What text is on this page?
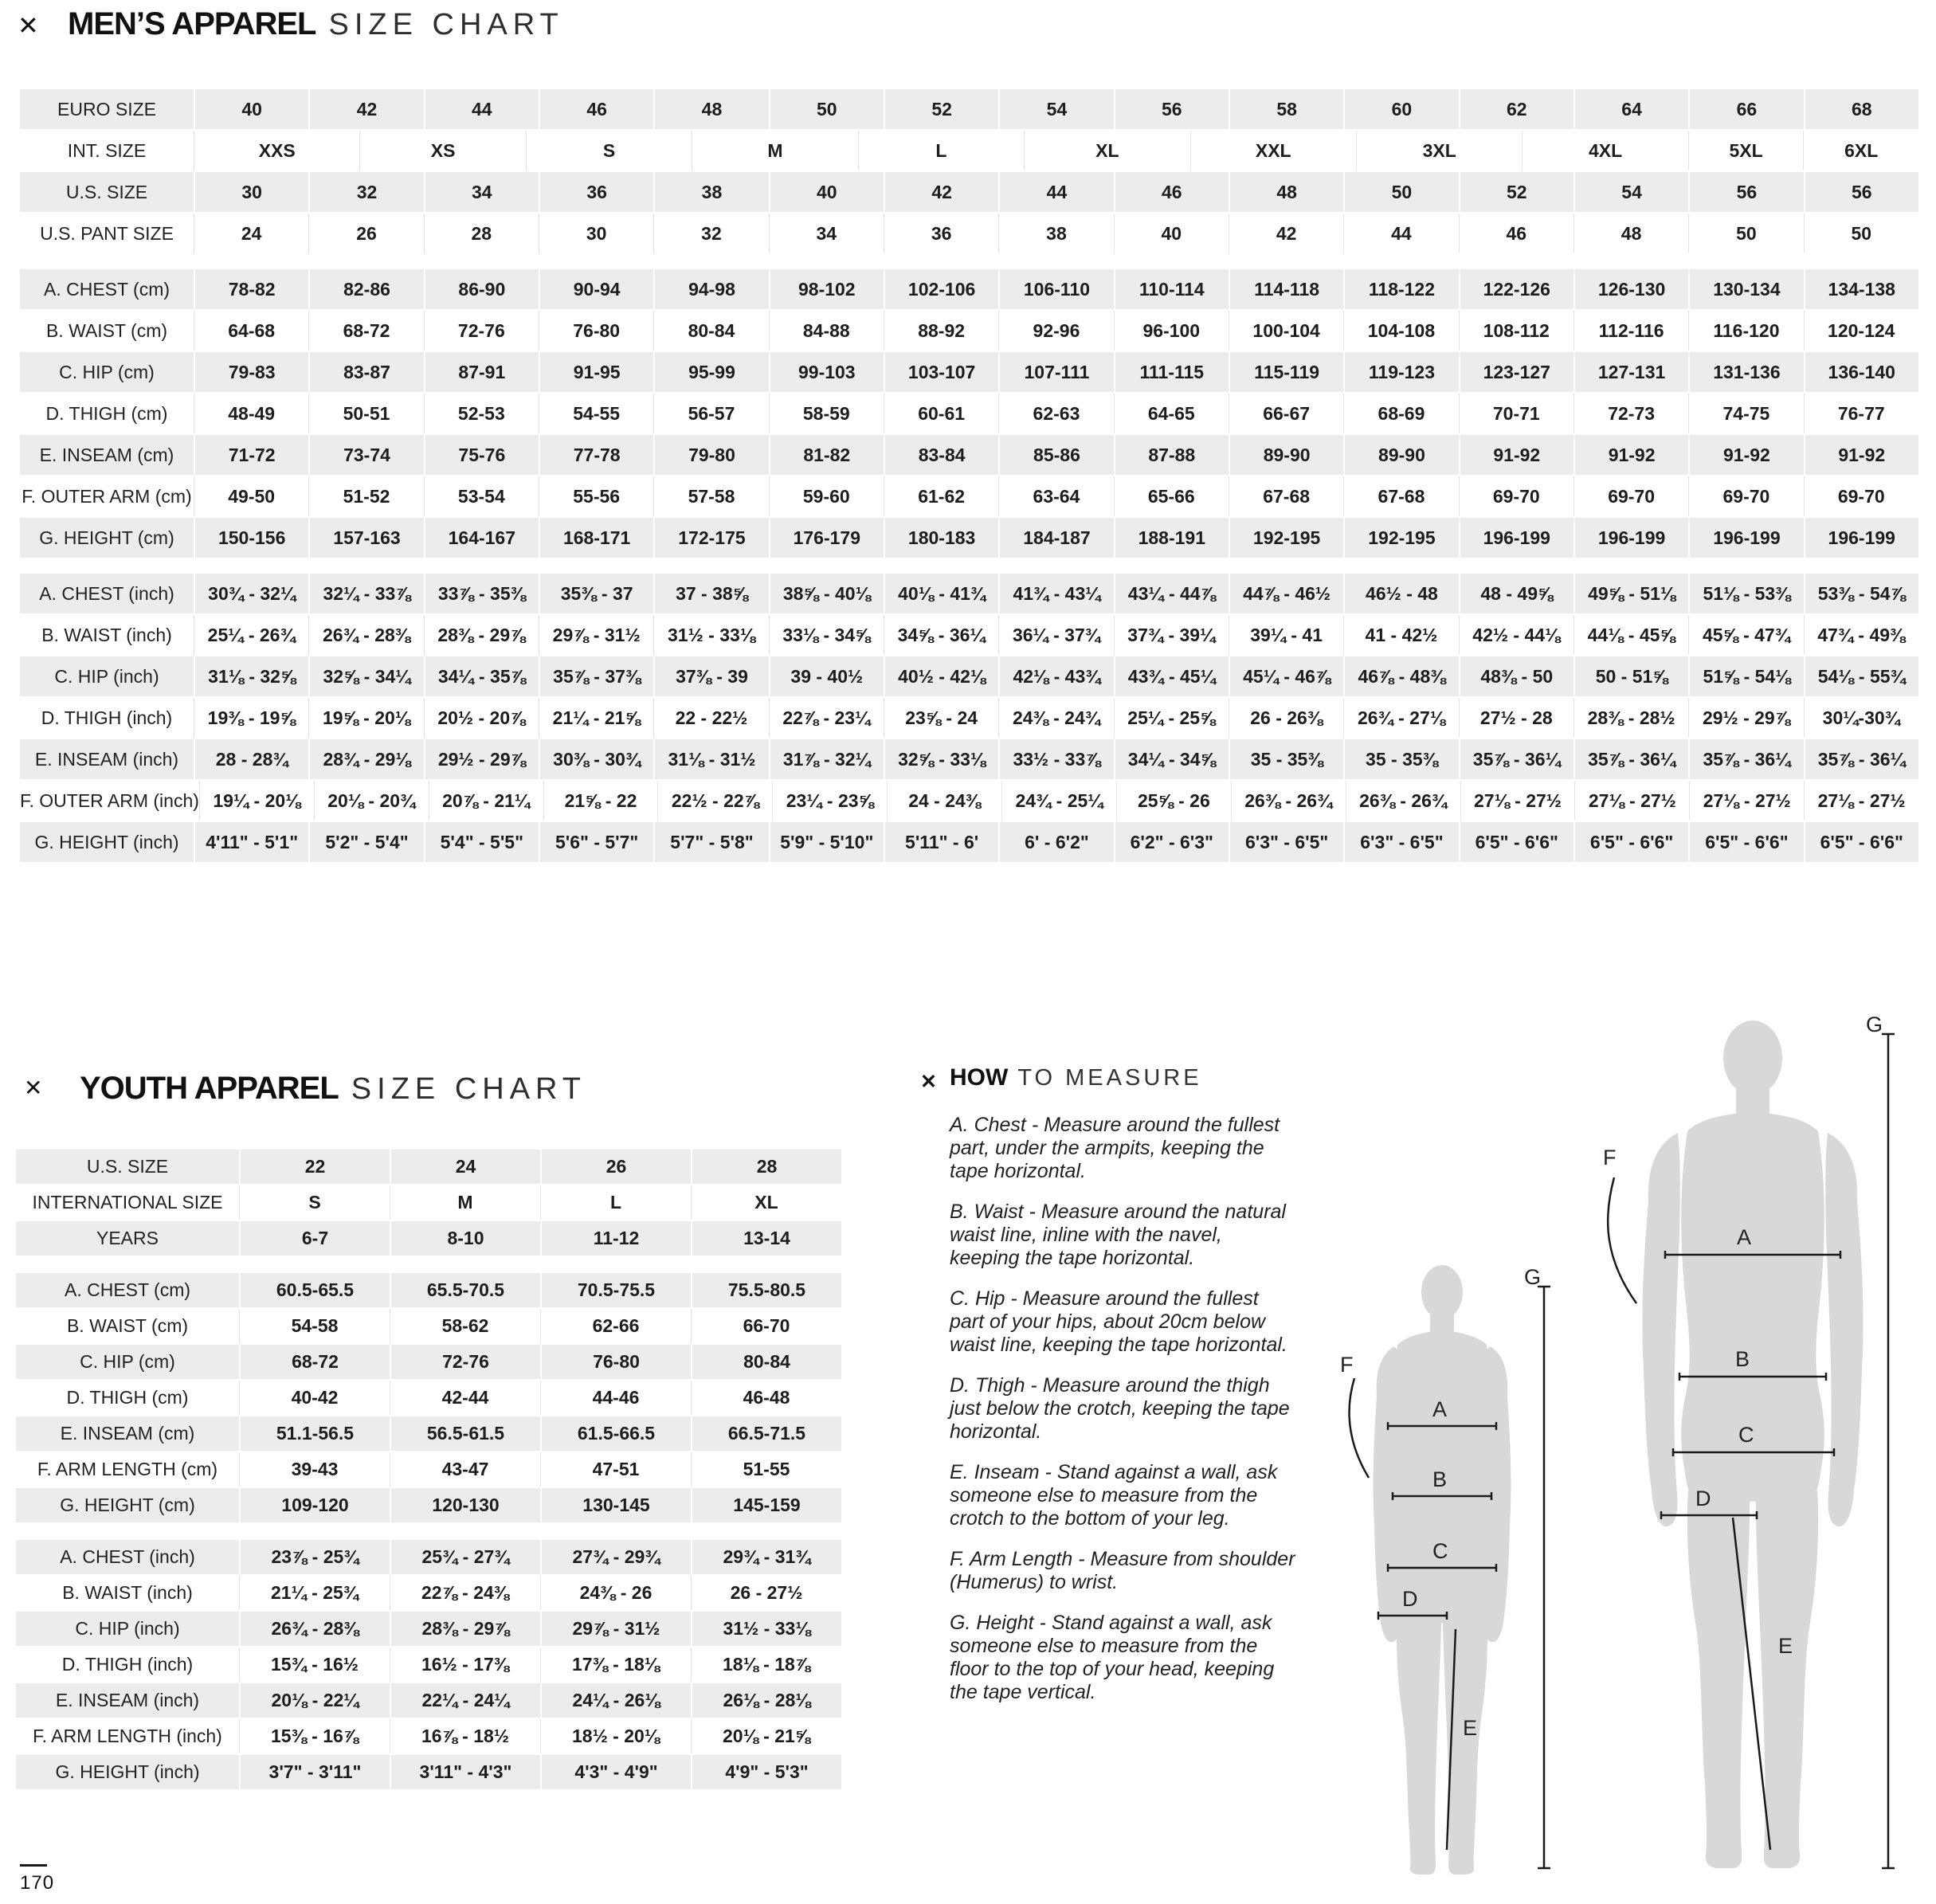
✕ MEN’S APPAREL SIZE CHART
EURO SIZE	40	42	44	46	48	50	52	54	56	58	60	62	64	66	68
INT. SIZE	XXS	XS	S	M	L	XL	XXL	3XL	4XL	5XL	6XL
U.S. SIZE	30	32	34	36	38	40	42	44	46	48	50	52	54	56	56
U.S. PANT SIZE	24	26	28	30	32	34	36	38	40	42	44	46	48	50	50
A. CHEST (cm)	78-82	82-86	86-90	90-94	94-98	98-102	102-106	106-110	110-114	114-118	118-122	122-126	126-130	130-134	134-138
B. WAIST (cm)	64-68	68-72	72-76	76-80	80-84	84-88	88-92	92-96	96-100	100-104	104-108	108-112	112-116	116-120	120-124
C. HIP (cm)	79-83	83-87	87-91	91-95	95-99	99-103	103-107	107-111	111-115	115-119	119-123	123-127	127-131	131-136	136-140
D. THIGH (cm)	48-49	50-51	52-53	54-55	56-57	58-59	60-61	62-63	64-65	66-67	68-69	70-71	72-73	74-75	76-77
E. INSEAM (cm)	71-72	73-74	75-76	77-78	79-80	81-82	83-84	85-86	87-88	89-90	89-90	91-92	91-92	91-92	91-92
F. OUTER ARM (cm)	49-50	51-52	53-54	55-56	57-58	59-60	61-62	63-64	65-66	67-68	67-68	69-70	69-70	69-70	69-70
G. HEIGHT (cm)	150-156	157-163	164-167	168-171	172-175	176-179	180-183	184-187	188-191	192-195	192-195	196-199	196-199	196-199	196-199
A. CHEST (inch)	30¾ - 32¼	32¼ - 33⅞	33⅞ - 35⅜	35⅜ - 37	37 - 38⅝	38⅝ - 40⅛	40⅛ - 41¾	41¾ - 43¼	43¼ - 44⅞	44⅞ - 46½	46½ - 48	48 - 49⅝	49⅝ - 51⅛	51⅛ - 53⅜	53⅜ - 54⅞
B. WAIST (inch)	25¼ - 26¾	26¾ - 28⅜	28⅜ - 29⅞	29⅞ - 31½	31½ - 33⅛	33⅛ - 34⅝	34⅝ - 36¼	36¼ - 37¾	37¾ - 39¼	39¼ - 41	41 - 42½	42½ - 44⅛	44⅛ - 45⅝	45⅝ - 47¾	47¾ - 49⅜
C. HIP (inch)	31⅛ - 32⅝	32⅝ - 34¼	34¼ - 35⅞	35⅞ - 37⅜	37⅜ - 39	39 - 40½	40½ - 42⅛	42⅛ - 43¾	43¾ - 45¼	45¼ - 46⅞	46⅞ - 48⅜	48⅜ - 50	50 - 51⅝	51⅝ - 54⅛	54⅛ - 55¾
D. THIGH (inch)	19⅜ - 19⅝	19⅝ - 20⅛	20½ - 20⅞	21¼ - 21⅝	22 - 22½	22⅞ - 23¼	23⅝ - 24	24⅜ - 24¾	25¼ - 25⅝	26 - 26⅜	26¾ - 27⅛	27½ - 28	28⅜ - 28½	29½ - 29⅞	30¼-30¾
E. INSEAM (inch)	28 - 28¾	28¾ - 29⅛	29½ - 29⅞	30⅜ - 30¾	31⅛ - 31½	31⅞ - 32¼	32⅝ - 33⅛	33½ - 33⅞	34¼ - 34⅝	35 - 35⅜	35 - 35⅜	35⅞ - 36¼	35⅞ - 36¼	35⅞ - 36¼	35⅞ - 36¼
F. OUTER ARM (inch) 19¼ - 20⅛	20⅛ - 20¾	20⅞ - 21¼	21⅝ - 22	22½ - 22⅞	23¼ - 23⅝	24 - 24⅜	24¾ - 25¼	25⅝ - 26	26⅜ - 26¾	26⅜ - 26¾	27⅛ - 27½	27⅛ - 27½	27⅛ - 27½	27⅛ - 27½
G. HEIGHT (inch)	4'11" - 5'1"	5'2" - 5'4"	5'4" - 5'5"	5'6" - 5'7"	5'7" - 5'8"	5'9" - 5'10"	5'11" - 6'	6' - 6'2"	6'2" - 6'3"	6'3" - 6'5"	6'3" - 6'5"	6'5" - 6'6"	6'5" - 6'6"	6'5" - 6'6"	6'5" - 6'6"
✕ YOUTH APPAREL SIZE CHART
U.S. SIZE	22	24	26	28
INTERNATIONAL SIZE	S	M	L	XL
YEARS	6-7	8-10	11-12	13-14
A. CHEST (cm)	60.5-65.5	65.5-70.5	70.5-75.5	75.5-80.5
B. WAIST (cm)	54-58	58-62	62-66	66-70
C. HIP (cm)	68-72	72-76	76-80	80-84
D. THIGH (cm)	40-42	42-44	44-46	46-48
E. INSEAM (cm)	51.1-56.5	56.5-61.5	61.5-66.5	66.5-71.5
F. ARM LENGTH (cm)	39-43	43-47	47-51	51-55
G. HEIGHT (cm)	109-120	120-130	130-145	145-159
A. CHEST (inch)	23⅞ - 25¾	25¾ - 27¾	27¾ - 29¾	29¾ - 31¾
B. WAIST (inch)	21¼ - 25¾	22⅞ - 24⅜	24⅜ - 26	26 - 27½
C. HIP (inch)	26¾ - 28⅜	28⅜ - 29⅞	29⅞ - 31½	31½ - 33⅛
D. THIGH (inch)	15¾ - 16½	16½ - 17⅜	17⅜ - 18⅛	18⅛ - 18⅞
E. INSEAM (inch)	20⅛ - 22¼	22¼ - 24¼	24¼ - 26⅛	26⅛ - 28⅛
F. ARM LENGTH (inch)	15⅜ - 16⅞	16⅞ - 18½	18½ - 20⅛	20⅛ - 21⅝
G. HEIGHT (inch)	3'7" - 3'11"	3'11" - 4'3"	4'3" - 4'9"	4'9" - 5'3"
✕ HOW TO MEASURE

A. Chest - Measure around the fullest part, under the armpits, keeping the tape horizontal.

B. Waist - Measure around the natural waist line, inline with the navel, keeping the tape horizontal.

C. Hip - Measure around the fullest part of your hips, about 20cm below waist line, keeping the tape horizontal.

D. Thigh - Measure around the thigh just below the crotch, keeping the tape horizontal.

E. Inseam - Stand against a wall, ask someone else to measure from the crotch to the bottom of your leg.

F. Arm Length - Measure from shoulder (Humerus) to wrist.

G. Height - Stand against a wall, ask someone else to measure from the floor to the top of your head, keeping the tape vertical.

A
B
C
D
E
F
G
A
B
C
D
E
F
G
170
